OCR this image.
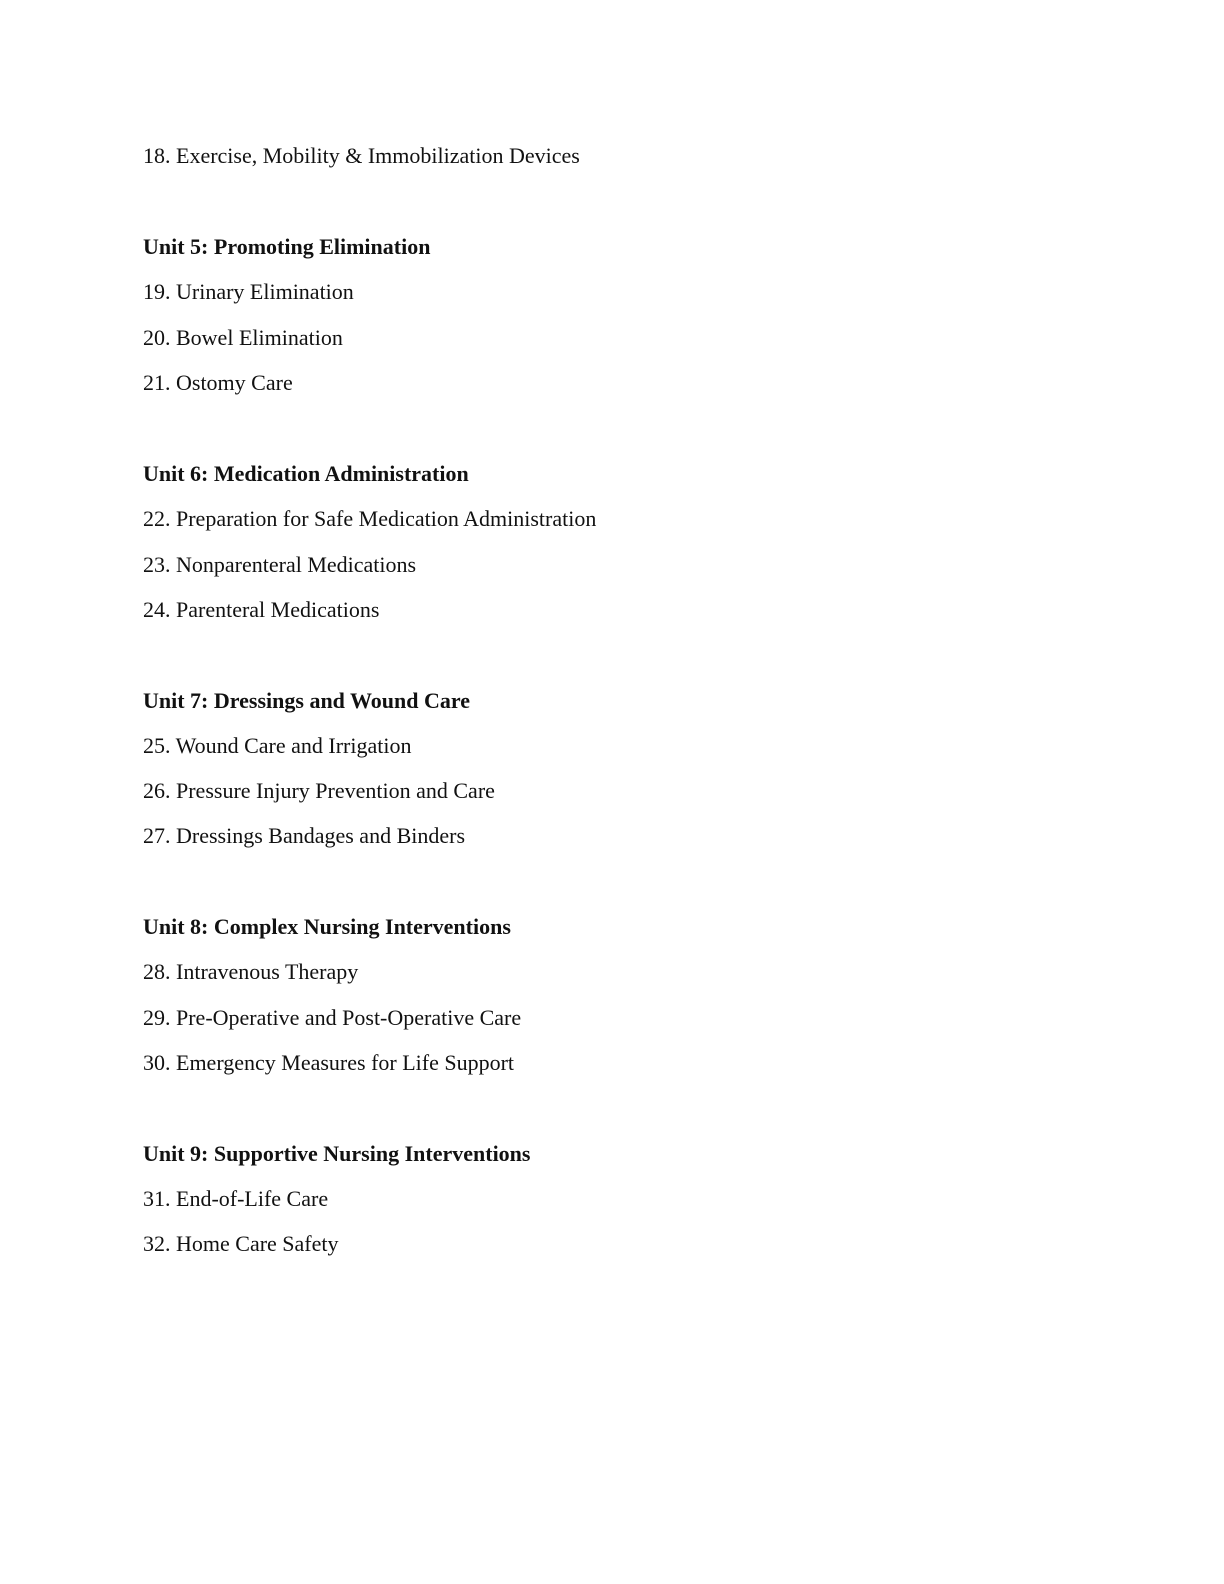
18. Exercise, Mobility & Immobilization Devices
Unit 5: Promoting Elimination
19. Urinary Elimination
20. Bowel Elimination
21. Ostomy Care
Unit 6: Medication Administration
22. Preparation for Safe Medication Administration
23. Nonparenteral Medications
24. Parenteral Medications
Unit 7: Dressings and Wound Care
25. Wound Care and Irrigation
26. Pressure Injury Prevention and Care
27. Dressings Bandages and Binders
Unit 8: Complex Nursing Interventions
28. Intravenous Therapy
29. Pre-Operative and Post-Operative Care
30. Emergency Measures for Life Support
Unit 9: Supportive Nursing Interventions
31. End-of-Life Care
32. Home Care Safety
